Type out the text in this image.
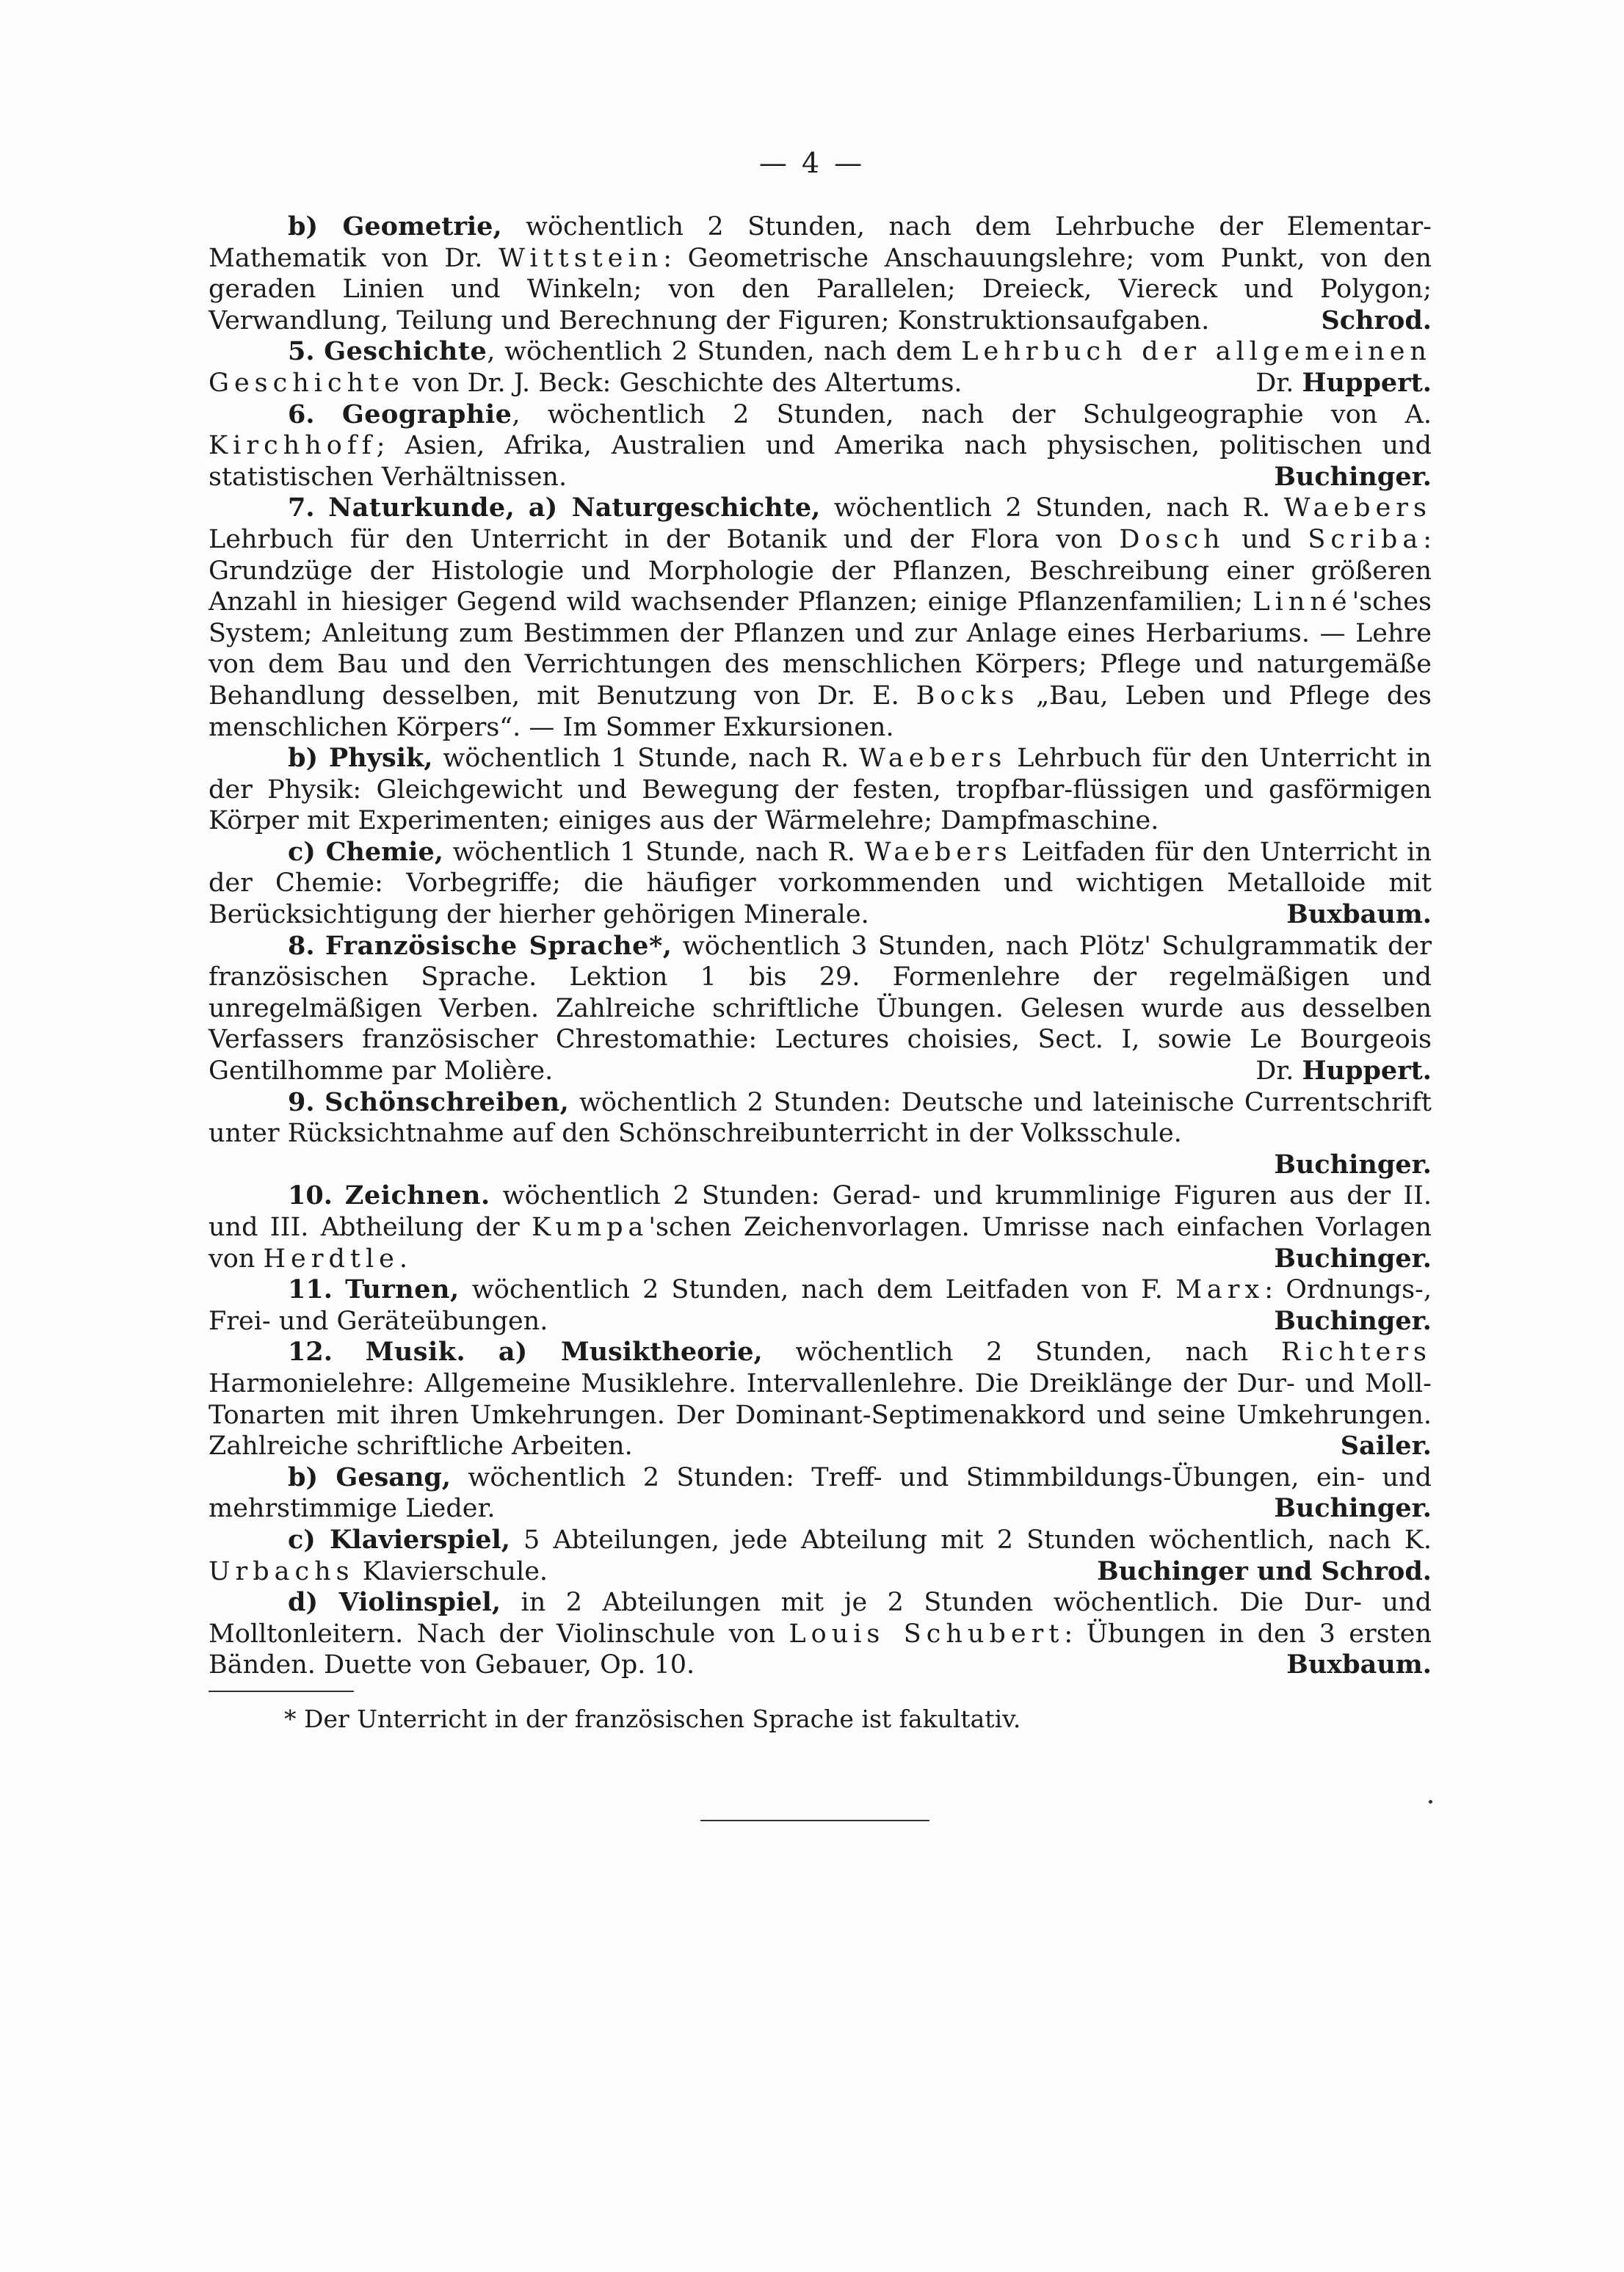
— 4 —

b) Geometrie, wöchentlich 2 Stunden, nach dem Lehrbuche der Elementar-Mathematik von Dr. Wittstein: Geometrische Anschauungslehre; vom Punkt, von den geraden Linien und Winkeln; von den Parallelen; Dreieck, Viereck und Polygon; Verwandlung, Teilung und Berechnung der Figuren; Konstruktionsaufgaben.	Schrod.

5. Geschichte, wöchentlich 2 Stunden, nach dem Lehrbuch der allgemeinen Geschichte von Dr. J. Beck: Geschichte des Altertums.	Dr. Huppert.

6. Geographie, wöchentlich 2 Stunden, nach der Schulgeographie von A. Kirchhoff; Asien, Afrika, Australien und Amerika nach physischen, politischen und statistischen Verhältnissen.	Buchinger.

7. Naturkunde, a) Naturgeschichte, wöchentlich 2 Stunden, nach R. Waebers Lehrbuch für den Unterricht in der Botanik und der Flora von Dosch und Scriba: Grundzüge der Histologie und Morphologie der Pflanzen, Beschreibung einer größeren Anzahl in hiesiger Gegend wild wachsender Pflanzen; einige Pflanzenfamilien; Linné'sches System; Anleitung zum Bestimmen der Pflanzen und zur Anlage eines Herbariums. — Lehre von dem Bau und den Verrichtungen des menschlichen Körpers; Pflege und naturgemäße Behandlung desselben, mit Benutzung von Dr. E. Bocks „Bau, Leben und Pflege des menschlichen Körpers“. — Im Sommer Exkursionen.

b) Physik, wöchentlich 1 Stunde, nach R. Waebers Lehrbuch für den Unterricht in der Physik: Gleichgewicht und Bewegung der festen, tropfbar-flüssigen und gasförmigen Körper mit Experimenten; einiges aus der Wärmelehre; Dampfmaschine.

c) Chemie, wöchentlich 1 Stunde, nach R. Waebers Leitfaden für den Unterricht in der Chemie: Vorbegriffe; die häufiger vorkommenden und wichtigen Metalloide mit Berücksichtigung der hierher gehörigen Minerale.	Buxbaum.

8. Französische Sprache*, wöchentlich 3 Stunden, nach Plötz' Schulgrammatik der französischen Sprache. Lektion 1 bis 29. Formenlehre der regelmäßigen und unregelmäßigen Verben. Zahlreiche schriftliche Übungen. Gelesen wurde aus desselben Verfassers französischer Chrestomathie: Lectures choisies, Sect. I, sowie Le Bourgeois Gentilhomme par Molière.	Dr. Huppert.

9. Schönschreiben, wöchentlich 2 Stunden: Deutsche und lateinische Currentschrift unter Rücksichtnahme auf den Schönschreibunterricht in der Volksschule.
Buchinger.

10. Zeichnen. wöchentlich 2 Stunden: Gerad- und krummlinige Figuren aus der II. und III. Abtheilung der Kumpa'schen Zeichenvorlagen. Umrisse nach einfachen Vorlagen von Herdtle.	Buchinger.

11. Turnen, wöchentlich 2 Stunden, nach dem Leitfaden von F. Marx: Ordnungs-, Frei- und Geräteübungen.	Buchinger.

12. Musik. a) Musiktheorie, wöchentlich 2 Stunden, nach Richters Harmonielehre: Allgemeine Musiklehre. Intervallenlehre. Die Dreiklänge der Dur- und Moll-Tonarten mit ihren Umkehrungen. Der Dominant-Septimenakkord und seine Umkehrungen. Zahlreiche schriftliche Arbeiten.	Sailer.

b) Gesang, wöchentlich 2 Stunden: Treff- und Stimmbildungs-Übungen, ein- und mehrstimmige Lieder.	Buchinger.

c) Klavierspiel, 5 Abteilungen, jede Abteilung mit 2 Stunden wöchentlich, nach K. Urbachs Klavierschule.	Buchinger und Schrod.

d) Violinspiel, in 2 Abteilungen mit je 2 Stunden wöchentlich. Die Dur- und Molltonleitern. Nach der Violinschule von Louis Schubert: Übungen in den 3 ersten Bänden. Duette von Gebauer, Op. 10.	Buxbaum.

* Der Unterricht in der französischen Sprache ist fakultativ.
